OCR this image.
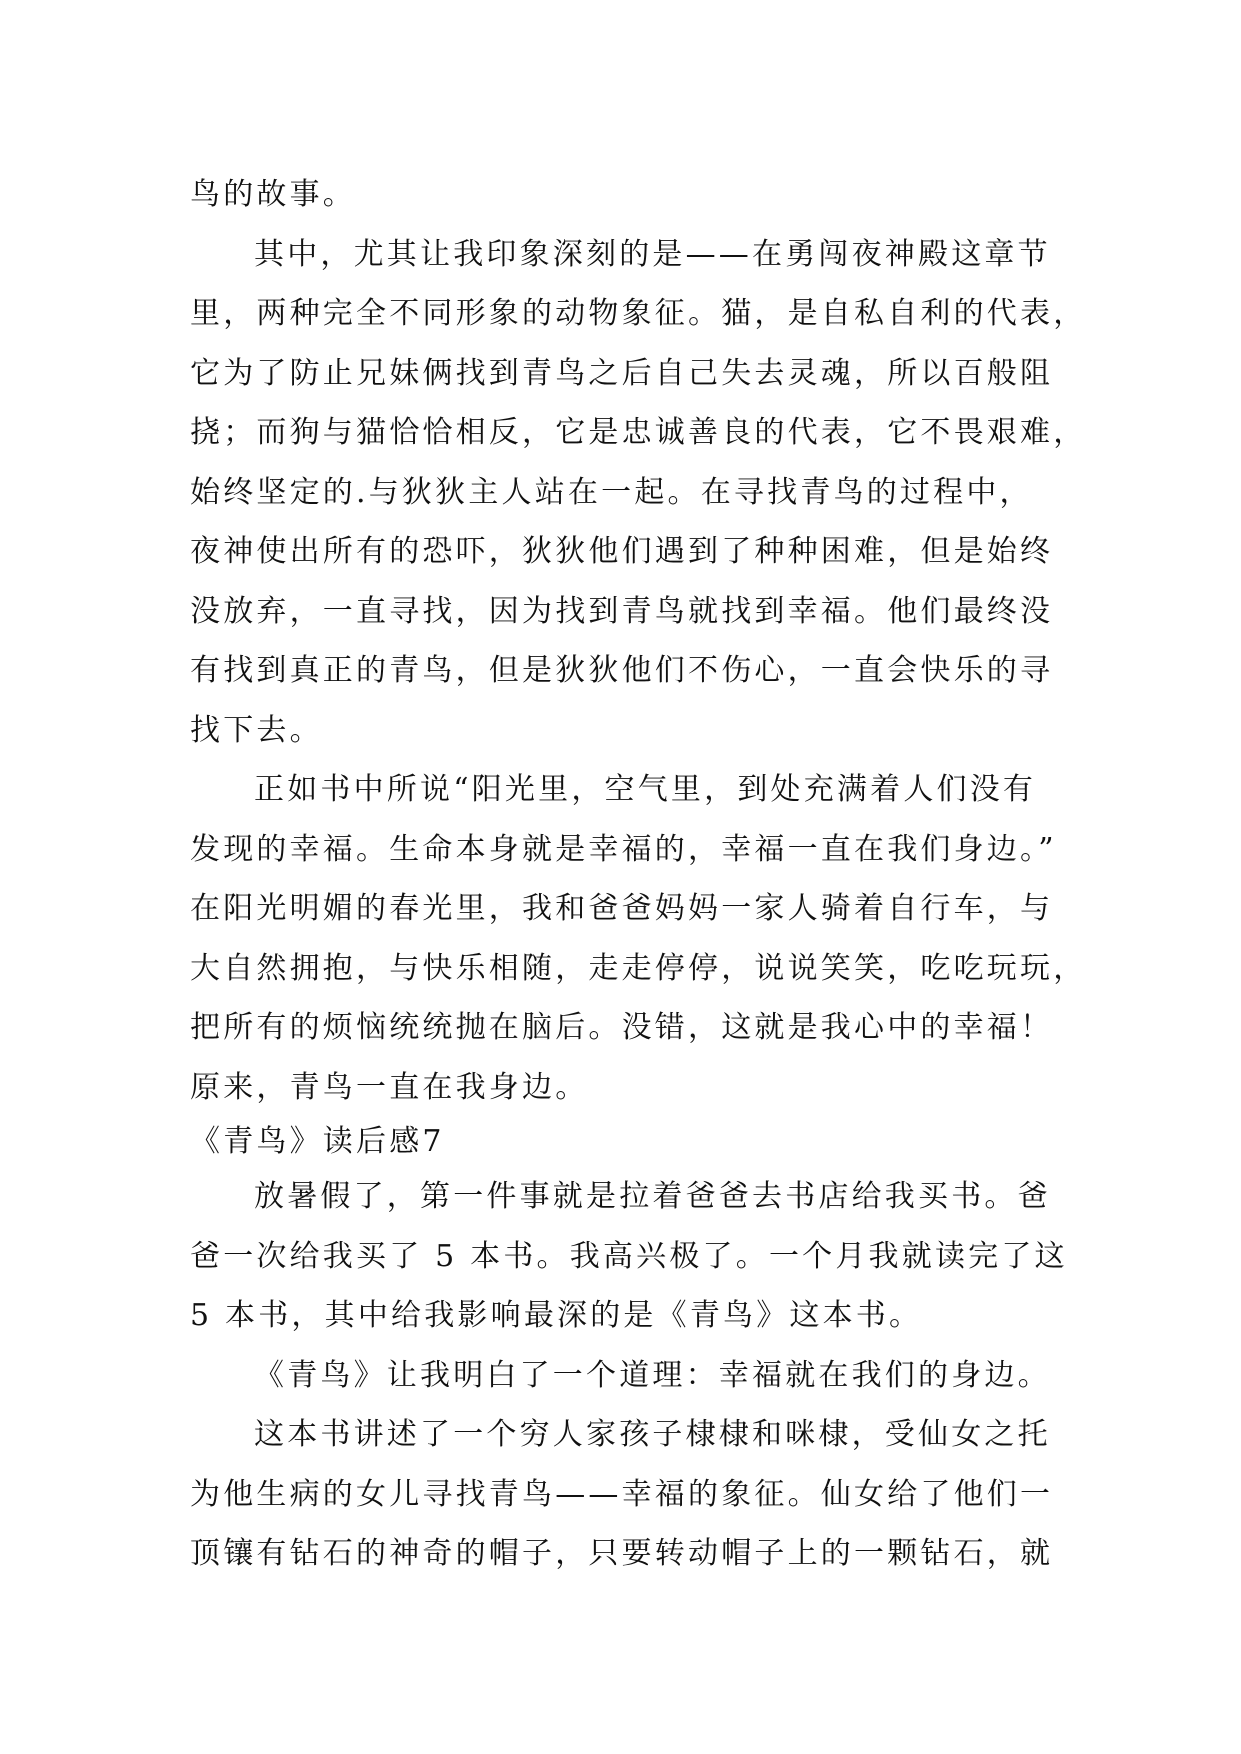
鸟的故事。
其中，尤其让我印象深刻的是——在勇闯夜神殿这章节
里，两种完全不同形象的动物象征。猫，是自私自利的代表，
它为了防止兄妹俩找到青鸟之后自己失去灵魂，所以百般阻
挠；而狗与猫恰恰相反，它是忠诚善良的代表，它不畏艰难，
始终坚定的.与狄狄主人站在一起。在寻找青鸟的过程中，
夜神使出所有的恐吓，狄狄他们遇到了种种困难，但是始终
没放弃，一直寻找，因为找到青鸟就找到幸福。他们最终没
有找到真正的青鸟，但是狄狄他们不伤心，一直会快乐的寻
找下去。
正如书中所说“阳光里，空气里，到处充满着人们没有
发现的幸福。生命本身就是幸福的，幸福一直在我们身边。”
在阳光明媚的春光里，我和爸爸妈妈一家人骑着自行车，与
大自然拥抱，与快乐相随，走走停停，说说笑笑，吃吃玩玩，
把所有的烦恼统统抛在脑后。没错，这就是我心中的幸福！
原来，青鸟一直在我身边。
《青鸟》读后感7
放暑假了，第一件事就是拉着爸爸去书店给我买书。爸
爸一次给我买了 5 本书。我高兴极了。一个月我就读完了这
5 本书，其中给我影响最深的是《青鸟》这本书。
《青鸟》让我明白了一个道理：幸福就在我们的身边。
这本书讲述了一个穷人家孩子棣棣和咪棣，受仙女之托
为他生病的女儿寻找青鸟——幸福的象征。仙女给了他们一
顶镶有钻石的神奇的帽子，只要转动帽子上的一颗钻石，就
